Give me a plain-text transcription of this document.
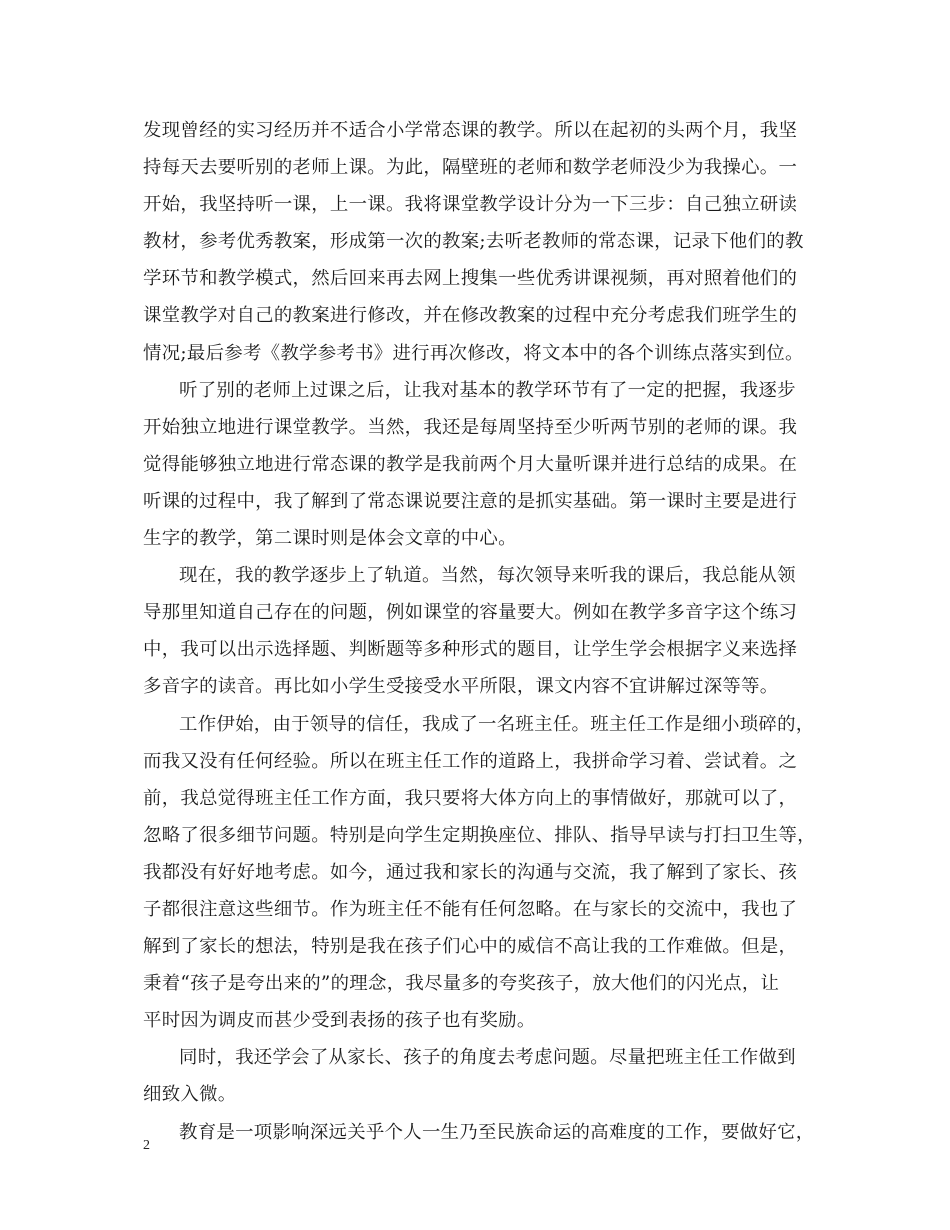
发现曾经的实习经历并不适合小学常态课的教学。所以在起初的头两个月，我坚
持每天去要听别的老师上课。为此，隔壁班的老师和数学老师没少为我操心。一
开始，我坚持听一课，上一课。我将课堂教学设计分为一下三步：自己独立研读
教材，参考优秀教案，形成第一次的教案;去听老教师的常态课，记录下他们的教
学环节和教学模式，然后回来再去网上搜集一些优秀讲课视频，再对照着他们的
课堂教学对自己的教案进行修改，并在修改教案的过程中充分考虑我们班学生的
情况;最后参考《教学参考书》进行再次修改，将文本中的各个训练点落实到位。
听了别的老师上过课之后，让我对基本的教学环节有了一定的把握，我逐步
开始独立地进行课堂教学。当然，我还是每周坚持至少听两节别的老师的课。我
觉得能够独立地进行常态课的教学是我前两个月大量听课并进行总结的成果。在
听课的过程中，我了解到了常态课说要注意的是抓实基础。第一课时主要是进行
生字的教学，第二课时则是体会文章的中心。
现在，我的教学逐步上了轨道。当然，每次领导来听我的课后，我总能从领
导那里知道自己存在的问题，例如课堂的容量要大。例如在教学多音字这个练习
中，我可以出示选择题、判断题等多种形式的题目，让学生学会根据字义来选择
多音字的读音。再比如小学生受接受水平所限，课文内容不宜讲解过深等等。
工作伊始，由于领导的信任，我成了一名班主任。班主任工作是细小琐碎的，
而我又没有任何经验。所以在班主任工作的道路上，我拼命学习着、尝试着。之
前，我总觉得班主任工作方面，我只要将大体方向上的事情做好，那就可以了，
忽略了很多细节问题。特别是向学生定期换座位、排队、指导早读与打扫卫生等，
我都没有好好地考虑。如今，通过我和家长的沟通与交流，我了解到了家长、孩
子都很注意这些细节。作为班主任不能有任何忽略。在与家长的交流中，我也了
解到了家长的想法，特别是我在孩子们心中的威信不高让我的工作难做。但是，
秉着“孩子是夸出来的”的理念，我尽量多的夸奖孩子，放大他们的闪光点，让
平时因为调皮而甚少受到表扬的孩子也有奖励。
同时，我还学会了从家长、孩子的角度去考虑问题。尽量把班主任工作做到
细致入微。
教育是一项影响深远关乎个人一生乃至民族命运的高难度的工作，要做好它，
2
